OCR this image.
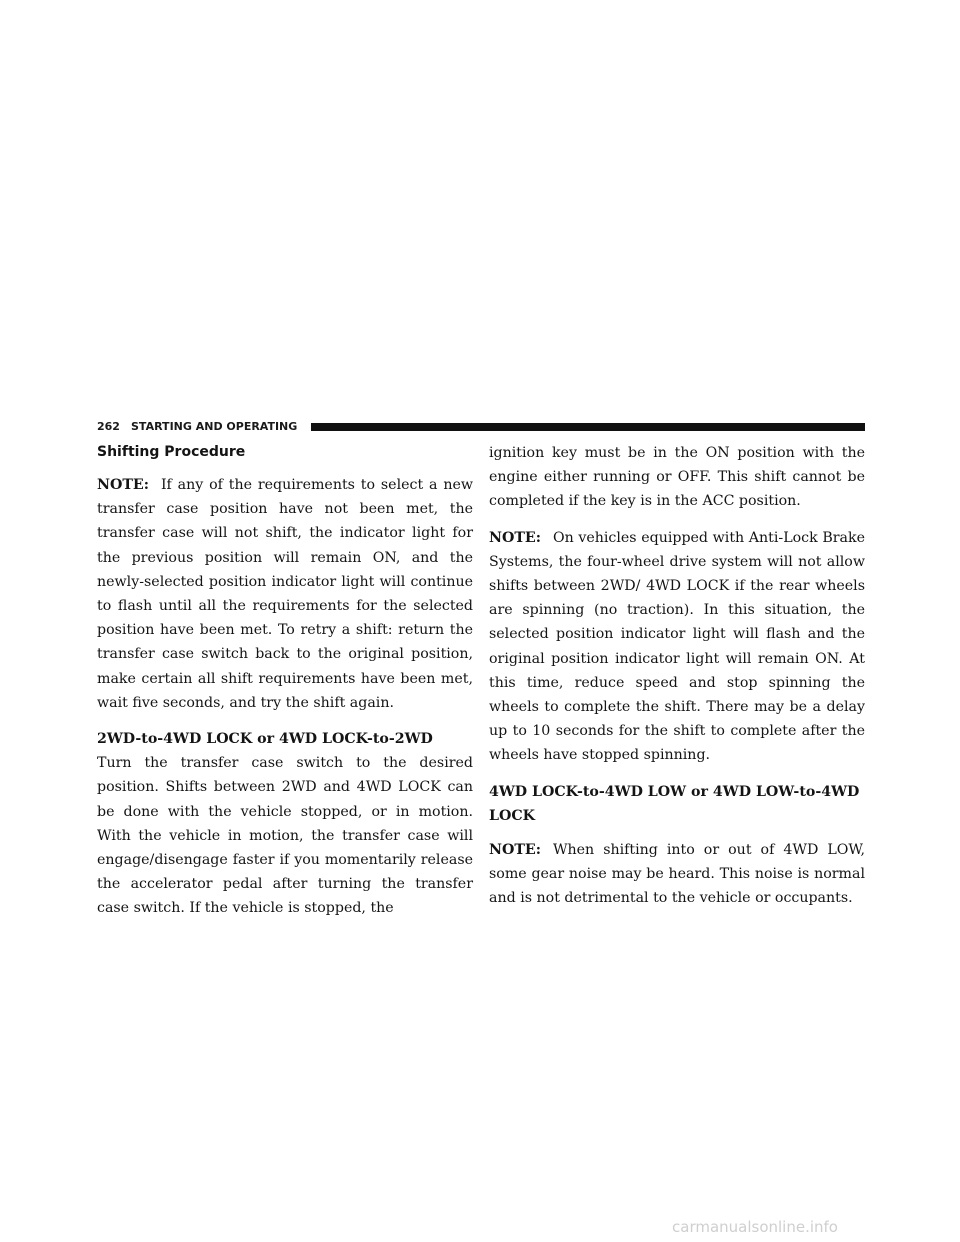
262 STARTING AND OPERATING
Shifting Procedure

NOTE: If any of the requirements to select a new transfer case position have not been met, the transfer case will not shift, the indicator light for the previous position will remain ON, and the newly-selected position indicator light will continue to flash until all the requirements for the selected position have been met. To retry a shift: return the transfer case switch back to the original position, make certain all shift requirements have been met, wait five seconds, and try the shift again.

2WD-to-4WD LOCK or 4WD LOCK-to-2WD

Turn the transfer case switch to the desired position. Shifts between 2WD and 4WD LOCK can be done with the vehicle stopped, or in motion. With the vehicle in motion, the transfer case will engage/disengage faster if you momentarily release the accelerator pedal after turning the transfer case switch. If the vehicle is stopped, the

ignition key must be in the ON position with the engine either running or OFF. This shift cannot be completed if the key is in the ACC position.

NOTE: On vehicles equipped with Anti-Lock Brake Systems, the four-wheel drive system will not allow shifts between 2WD/ 4WD LOCK if the rear wheels are spinning (no traction). In this situation, the selected position indicator light will flash and the original position indicator light will remain ON. At this time, reduce speed and stop spinning the wheels to complete the shift. There may be a delay up to 10 seconds for the shift to complete after the wheels have stopped spinning.

4WD LOCK-to-4WD LOW or 4WD LOW-to-4WD LOCK

NOTE: When shifting into or out of 4WD LOW, some gear noise may be heard. This noise is normal and is not detrimental to the vehicle or occupants.

carmanualsonline.info
